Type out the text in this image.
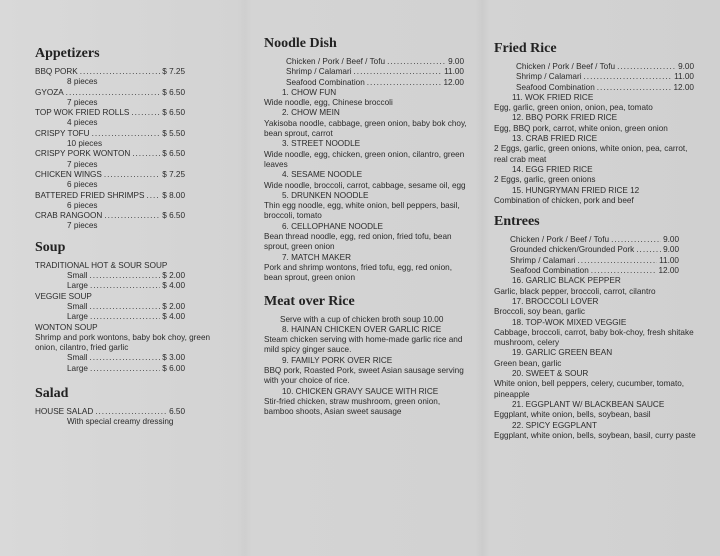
Appetizers
BBQ PORK .....	$ 7.25
8 pieces
GYOZA .....	$ 6.50
7 pieces
TOP WOK FRIED ROLLS .....	$ 6.50
4 pieces
CRISPY TOFU .....	$ 5.50
10 pieces
CRISPY PORK WONTON .....	$ 6.50
7 pieces
CHICKEN WINGS .....	$ 7.25
6 pieces
BATTERED FRIED SHRIMPS ..... $ 8.00
6 pieces
CRAB RANGOON .....	$ 6.50
7 pieces
Soup
TRADITIONAL HOT & SOUR SOUP
Small .....	$ 2.00
Large .....	$ 4.00
VEGGIE SOUP
Small .....	$ 2.00
Large .....	$ 4.00
WONTON SOUP
Shrimp and pork wontons, baby bok choy, green onion, cilantro, fried garlic
Small .....	$ 3.00
Large .....	$ 6.00
Salad
HOUSE SALAD .....	6.50
With special creamy dressing
Noodle Dish
Chicken / Pork / Beef / Tofu .....	9.00
Shrimp / Calamari .....	11.00
Seafood Combination .....	12.00
1. CHOW FUN
Wide noodle, egg, Chinese broccoli
2. CHOW MEIN
Yakisoba noodle, cabbage, green onion, baby bok choy, bean sprout, carrot
3. STREET NOODLE
Wide noodle, egg, chicken, green onion, cilantro, green leaves
4. SESAME NOODLE
Wide noodle, broccoli, carrot, cabbage, sesame oil, egg
5. DRUNKEN NOODLE
Thin egg noodle, egg, white onion, bell peppers, basil, broccoli, tomato
6. CELLOPHANE NOODLE
Bean thread noodle, egg, red onion, fried tofu, bean sprout, green onion
7. MATCH MAKER
Pork and shrimp wontons, fried tofu, egg, red onion, bean sprout, green onion
Meat over Rice
Serve with a cup of chicken broth soup 10.00
8. HAINAN CHICKEN OVER GARLIC RICE
Steam chicken serving with home-made garlic rice and mild spicy ginger sauce.
9. FAMILY PORK OVER RICE
BBQ pork, Roasted Pork, sweet Asian sausage serving with your choice of rice.
10. CHICKEN GRAVY SAUCE WITH RICE
Stir-fried chicken, straw mushroom, green onion, bamboo shoots, Asian sweet sausage
Fried Rice
Chicken / Pork / Beef / Tofu .....	9.00
Shrimp / Calamari .....	11.00
Seafood Combination .....	12.00
11. WOK FRIED RICE
Egg, garlic, green onion, onion, pea, tomato
12. BBQ PORK FRIED RICE
Egg, BBQ pork, carrot, white onion, green onion
13. CRAB FRIED RICE
2 Eggs, garlic, green onions, white onion, pea, carrot, real crab meat
14. EGG FRIED RICE
2 Eggs, garlic, green onions
15. HUNGRYMAN FRIED RICE 12
Combination of chicken, pork and beef
Entrees
Chicken / Pork / Beef / Tofu .....	9.00
Grounded chicken/Grounded Pork .....	9.00
Shrimp / Calamari .....	11.00
Seafood Combination .....	12.00
16. GARLIC BLACK PEPPER
Garlic, black pepper, broccoli, carrot, cilantro
17. BROCCOLI LOVER
Broccoli, soy bean, garlic
18. TOP-WOK MIXED VEGGIE
Cabbage, broccoli, carrot, baby bok-choy, fresh shitake mushroom, celery
19. GARLIC GREEN BEAN
Green bean, garlic
20. SWEET & SOUR
White onion, bell peppers, celery, cucumber, tomato, pineapple
21. EGGPLANT W/ BLACKBEAN SAUCE
Eggplant, white onion, bells, soybean, basil
22. SPICY EGGPLANT
Eggplant, white onion, bells, soybean, basil, curry paste
